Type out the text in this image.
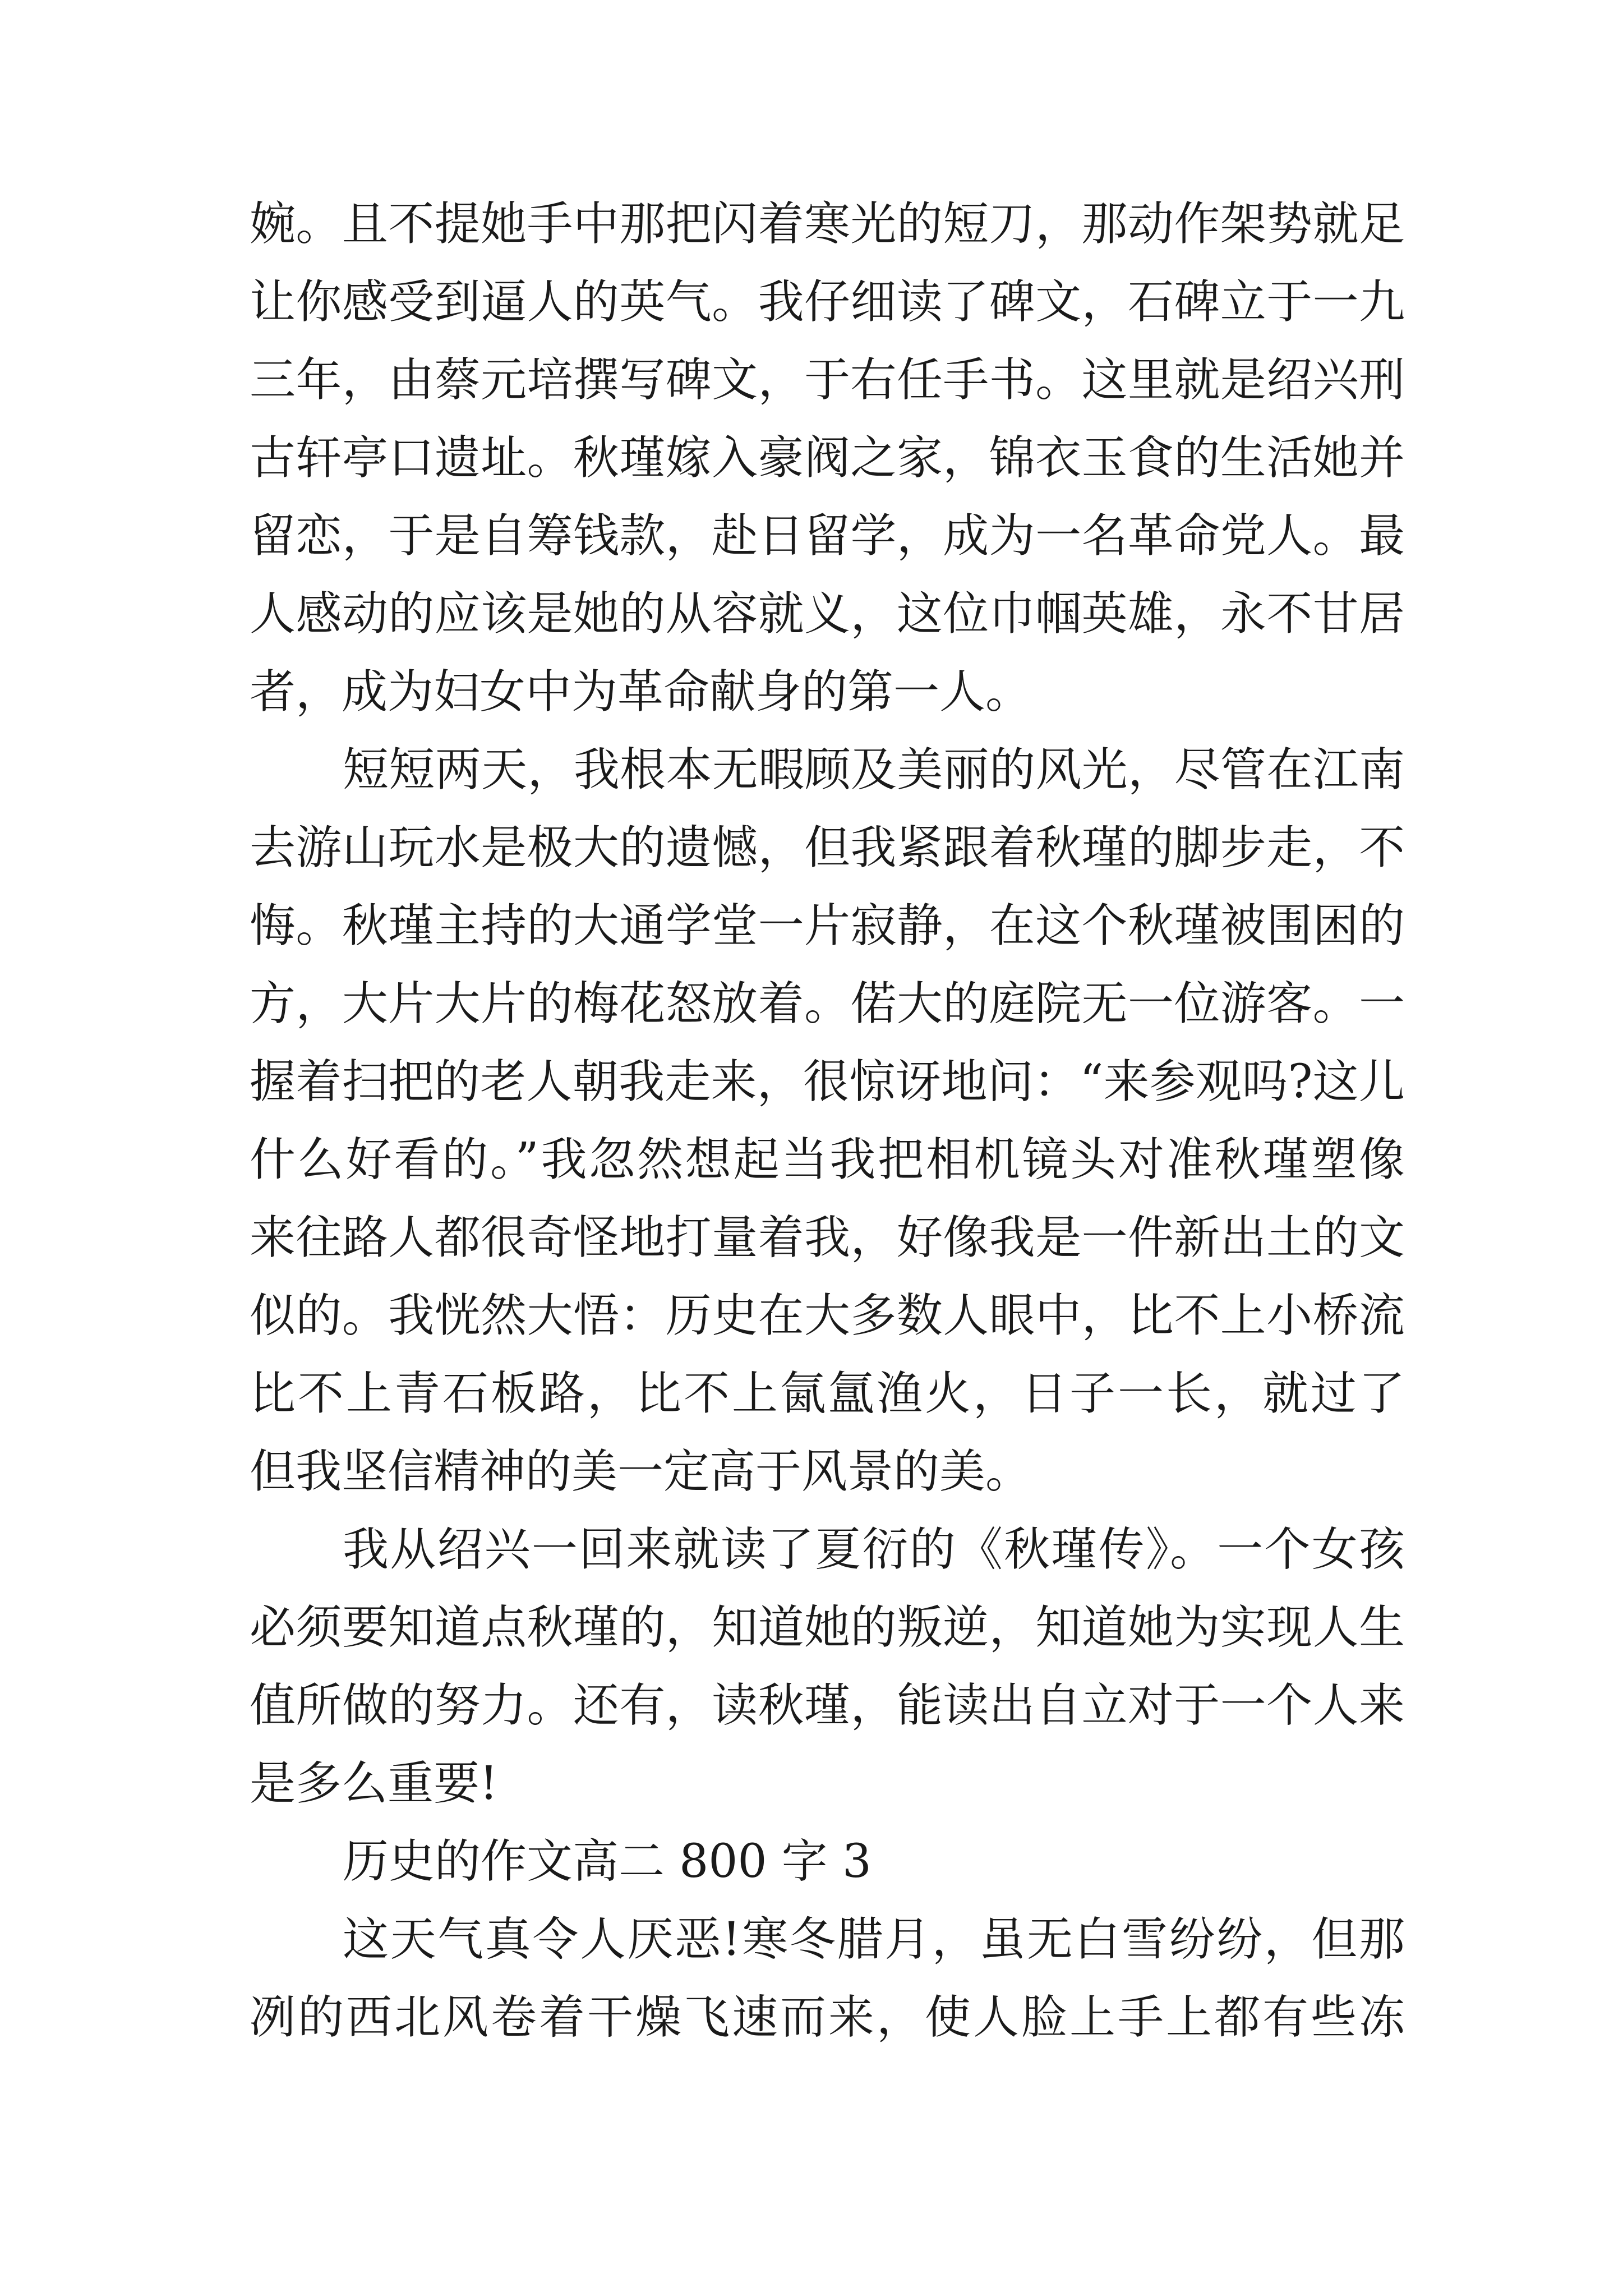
婉。且不提她手中那把闪着寒光的短刀，那动作架势就足
让你感受到逼人的英气。我仔细读了碑文，石碑立于一九
三年，由蔡元培撰写碑文，于右任手书。这里就是绍兴刑
古轩亭口遗址。秋瑾嫁入豪阀之家，锦衣玉食的生活她并
留恋，于是自筹钱款，赴日留学，成为一名革命党人。最
人感动的应该是她的从容就义，这位巾帼英雄，永不甘居
者，成为妇女中为革命献身的第一人。
短短两天，我根本无暇顾及美丽的风光，尽管在江南
去游山玩水是极大的遗憾，但我紧跟着秋瑾的脚步走，不
悔。秋瑾主持的大通学堂一片寂静，在这个秋瑾被围困的
方，大片大片的梅花怒放着。偌大的庭院无一位游客。一
握着扫把的老人朝我走来，很惊讶地问：“来参观吗?这儿
什么好看的。”我忽然想起当我把相机镜头对准秋瑾塑像
来往路人都很奇怪地打量着我，好像我是一件新出土的文
似的。我恍然大悟：历史在大多数人眼中，比不上小桥流
比不上青石板路，比不上氤氲渔火，日子一长，就过了
但我坚信精神的美一定高于风景的美。
我从绍兴一回来就读了夏衍的《秋瑾传》。一个女孩
必须要知道点秋瑾的，知道她的叛逆，知道她为实现人生
值所做的努力。还有，读秋瑾，能读出自立对于一个人来
是多么重要!
历史的作文高二 800 字 3
这天气真令人厌恶!寒冬腊月，虽无白雪纷纷，但那
冽的西北风卷着干燥飞速而来，使人脸上手上都有些冻
